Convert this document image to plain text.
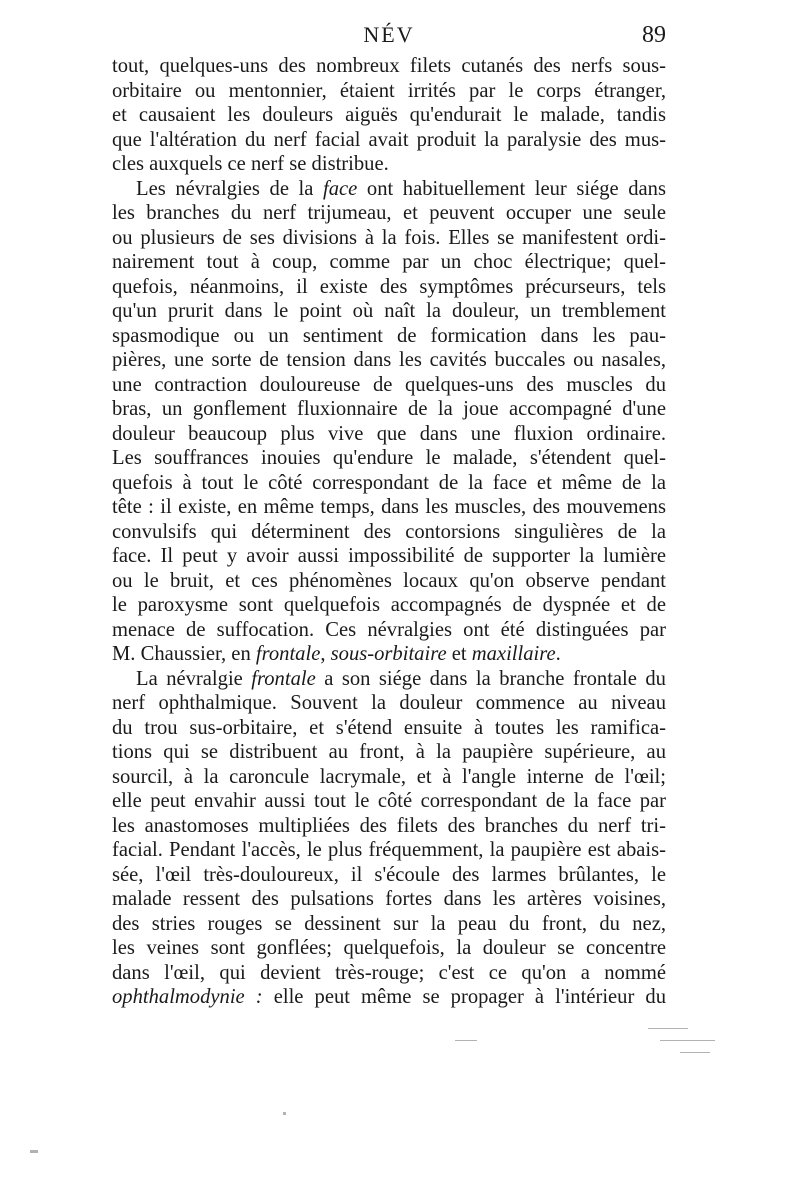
NÉV	89
tout, quelques-uns des nombreux filets cutanés des nerfs sous-
orbitaire ou mentonnier, étaient irrités par le corps étranger,
et causaient les douleurs aiguës qu'endurait le malade, tandis
que l'altération du nerf facial avait produit la paralysie des mus-
cles auxquels ce nerf se distribue.
Les névralgies de la face ont habituellement leur siége dans
les branches du nerf trijumeau, et peuvent occuper une seule
ou plusieurs de ses divisions à la fois. Elles se manifestent ordi-
nairement tout à coup, comme par un choc électrique; quel-
quefois, néanmoins, il existe des symptômes précurseurs, tels
qu'un prurit dans le point où naît la douleur, un tremblement
spasmodique ou un sentiment de formication dans les pau-
pières, une sorte de tension dans les cavités buccales ou nasales,
une contraction douloureuse de quelques-uns des muscles du
bras, un gonflement fluxionnaire de la joue accompagné d'une
douleur beaucoup plus vive que dans une fluxion ordinaire.
Les souffrances inouies qu'endure le malade, s'étendent quel-
quefois à tout le côté correspondant de la face et même de la
tête : il existe, en même temps, dans les muscles, des mouvemens
convulsifs qui déterminent des contorsions singulières de la
face. Il peut y avoir aussi impossibilité de supporter la lumière
ou le bruit, et ces phénomènes locaux qu'on observe pendant
le paroxysme sont quelquefois accompagnés de dyspnée et de
menace de suffocation. Ces névralgies ont été distinguées par
M. Chaussier, en frontale, sous-orbitaire et maxillaire.
La névralgie frontale a son siége dans la branche frontale du
nerf ophthalmique. Souvent la douleur commence au niveau
du trou sus-orbitaire, et s'étend ensuite à toutes les ramifica-
tions qui se distribuent au front, à la paupière supérieure, au
sourcil, à la caroncule lacrymale, et à l'angle interne de l'œil;
elle peut envahir aussi tout le côté correspondant de la face par
les anastomoses multipliées des filets des branches du nerf tri-
facial. Pendant l'accès, le plus fréquemment, la paupière est abais-
sée, l'œil très-douloureux, il s'écoule des larmes brûlantes, le
malade ressent des pulsations fortes dans les artères voisines,
des stries rouges se dessinent sur la peau du front, du nez,
les veines sont gonflées; quelquefois, la douleur se concentre
dans l'œil, qui devient très-rouge; c'est ce qu'on a nommé
ophthalmodynie : elle peut même se propager à l'intérieur du
